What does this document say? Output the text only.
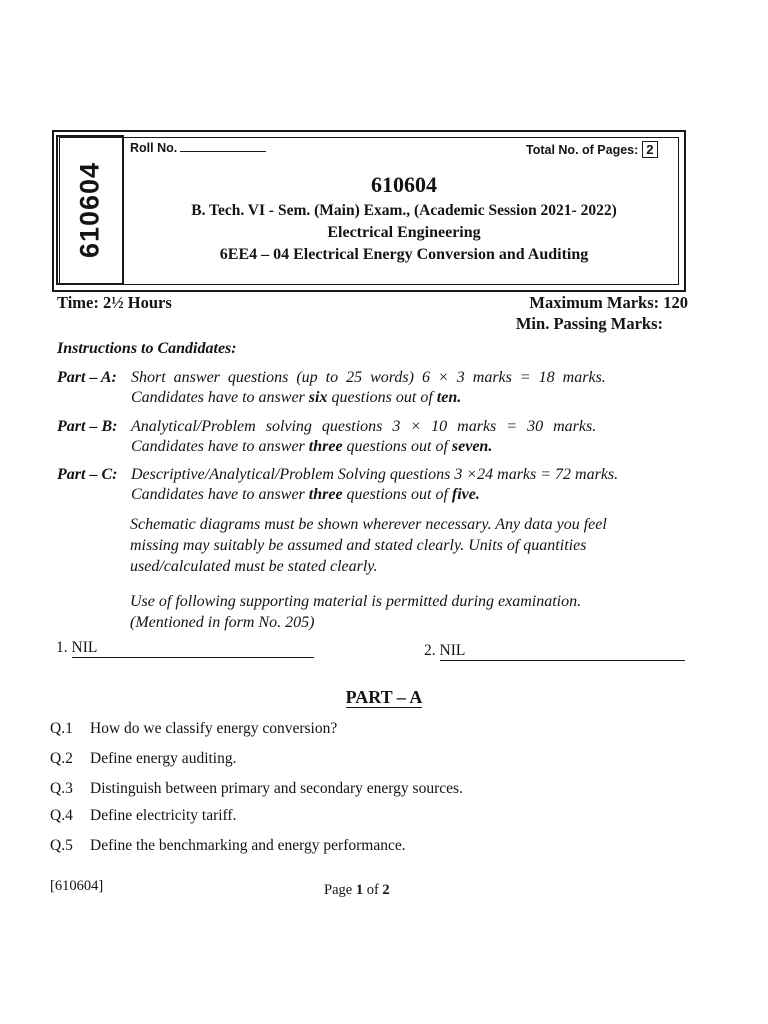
610604
Roll No.	Total No. of Pages: 2
610604
B. Tech. VI - Sem. (Main) Exam., (Academic Session 2021- 2022)
Electrical Engineering
6EE4 – 04 Electrical Energy Conversion and Auditing
Time: 2½ Hours	Maximum Marks: 120
Min. Passing Marks:
Instructions to Candidates:
Part – A: Short answer questions (up to 25 words) 6 × 3 marks = 18 marks.
Candidates have to answer six questions out of ten.
Part – B: Analytical/Problem solving questions 3 × 10 marks = 30 marks.
Candidates have to answer three questions out of seven.
Part – C: Descriptive/Analytical/Problem Solving questions 3 ×24 marks = 72 marks.
Candidates have to answer three questions out of five.
Schematic diagrams must be shown wherever necessary. Any data you feel
missing may suitably be assumed and stated clearly. Units of quantities
used/calculated must be stated clearly.
Use of following supporting material is permitted during examination.
(Mentioned in form No. 205)
1. NIL	2. NIL
PART – A
Q.1 How do we classify energy conversion?
Q.2 Define energy auditing.
Q.3 Distinguish between primary and secondary energy sources.
Q.4 Define electricity tariff.
Q.5 Define the benchmarking and energy performance.
[610604]	Page 1 of 2
